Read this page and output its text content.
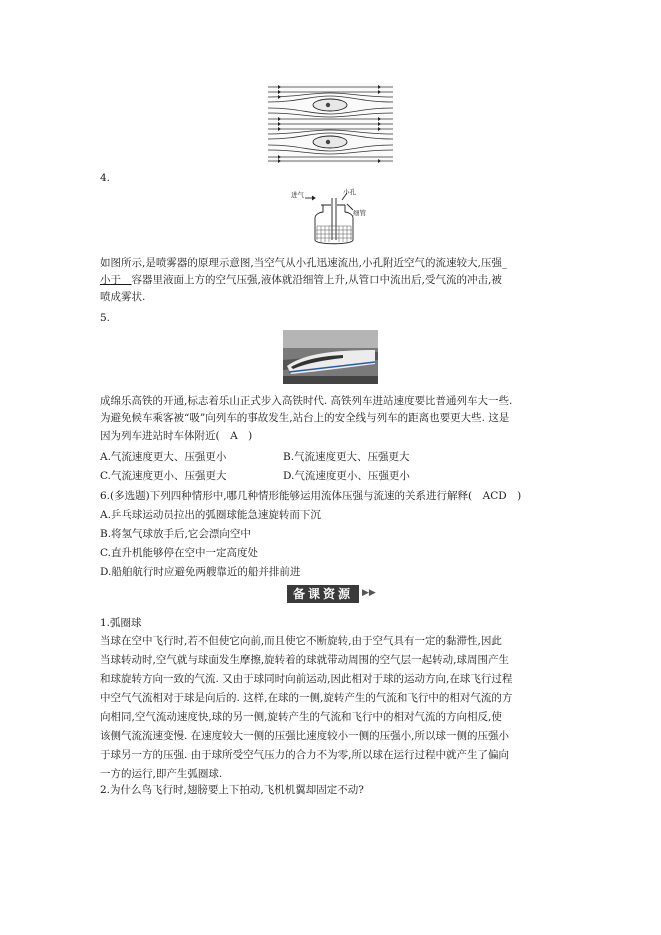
4.
进气	小孔
细管
如图所示,是喷雾器的原理示意图,当空气从小孔迅速流出,小孔附近空气的流速较大,压强_
小于　 容器里液面上方的空气压强,液体就沿细管上升,从管口中流出后,受气流的冲击,被
喷成雾状.
5.
成绵乐高铁的开通,标志着乐山正式步入高铁时代. 高铁列车进站速度要比普通列车大一些.
为避免候车乘客被“吸”向列车的事故发生,站台上的安全线与列车的距离也要更大些. 这是
因为列车进站时车体附近(　A　)
A.气流速度更大、压强更小	B.气流速度更大、压强更大
C.气流速度更小、压强更大	D.气流速度更小、压强更小
6.(多选题)下列四种情形中,哪几种情形能够运用流体压强与流速的关系进行解释(　ACD　)
A.乒乓球运动员拉出的弧圈球能急速旋转而下沉
B.将氢气球放手后,它会漂向空中
C.直升机能够停在空中一定高度处
D.船舶航行时应避免两艘靠近的船并排前进
备课资源	▶▶
1.弧圈球
当球在空中飞行时,若不但使它向前,而且使它不断旋转,由于空气具有一定的黏滞性,因此
当球转动时,空气就与球面发生摩擦,旋转着的球就带动周围的空气层一起转动,球周围产生
和球旋转方向一致的气流. 又由于球同时向前运动,因此相对于球的运动方向,在球飞行过程
中空气气流相对于球是向后的. 这样,在球的一侧,旋转产生的气流和飞行中的相对气流的方
向相同,空气流动速度快,球的另一侧,旋转产生的气流和飞行中的相对气流的方向相反,使
该侧气流流速变慢. 在速度较大一侧的压强比速度较小一侧的压强小,所以球一侧的压强小
于球另一方的压强. 由于球所受空气压力的合力不为零,所以球在运行过程中就产生了偏向
一方的运行,即产生弧圈球.
2.为什么鸟飞行时,翅膀要上下拍动,飞机机翼却固定不动?
